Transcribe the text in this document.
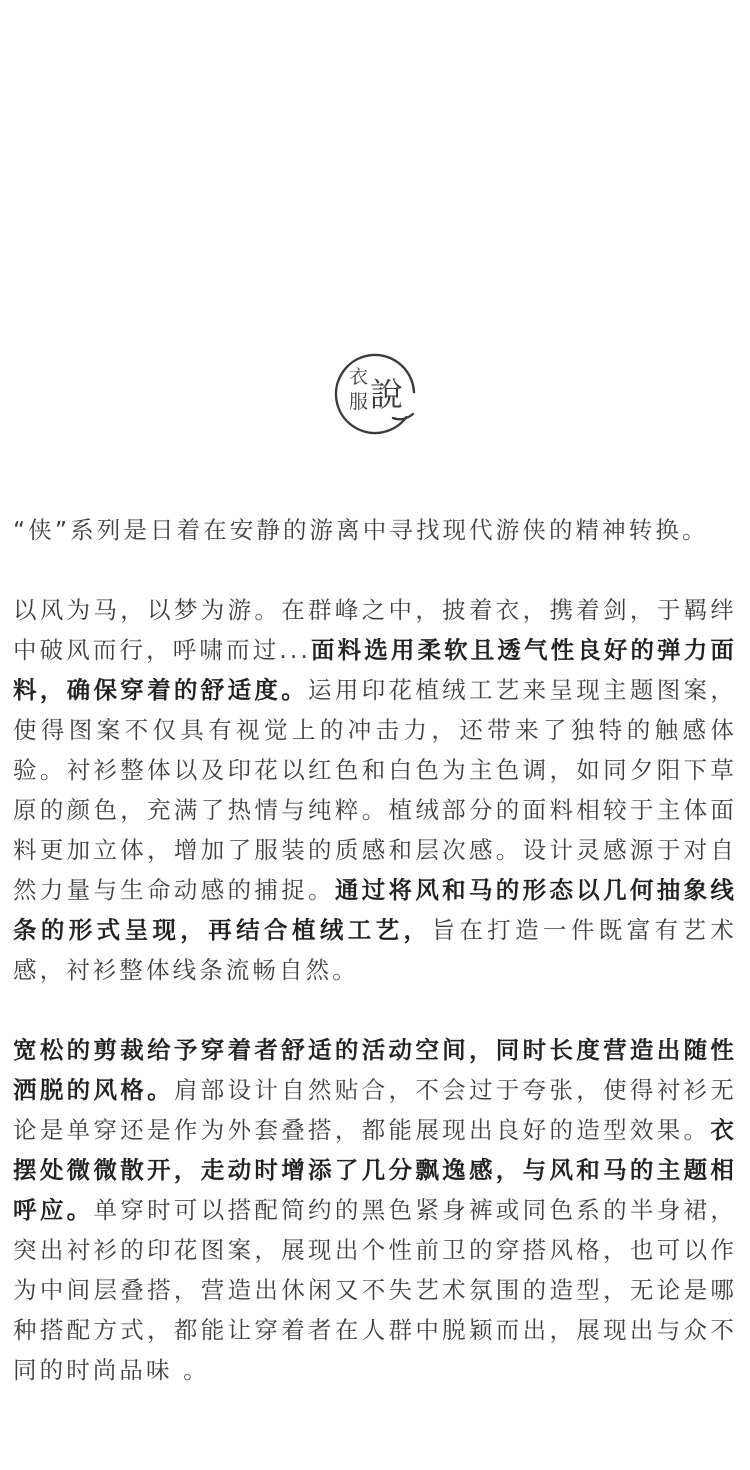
衣
服 說

“侠”系列是日着在安静的游离中寻找现代游侠的精神转换。

以风为马，以梦为游。在群峰之中，披着衣，携着剑，于羁绊中破风而行，呼啸而过...面料选用柔软且透气性良好的弹力面料，确保穿着的舒适度。运用印花植绒工艺来呈现主题图案，使得图案不仅具有视觉上的冲击力，还带来了独特的触感体验。衬衫整体以及印花以红色和白色为主色调，如同夕阳下草原的颜色，充满了热情与纯粹。植绒部分的面料相较于主体面料更加立体，增加了服装的质感和层次感。设计灵感源于对自然力量与生命动感的捕捉。通过将风和马的形态以几何抽象线条的形式呈现，再结合植绒工艺，旨在打造一件既富有艺术感，衬衫整体线条流畅自然。

宽松的剪裁给予穿着者舒适的活动空间，同时长度营造出随性洒脱的风格。肩部设计自然贴合，不会过于夸张，使得衬衫无论是单穿还是作为外套叠搭，都能展现出良好的造型效果。衣摆处微微散开，走动时增添了几分飘逸感，与风和马的主题相呼应。单穿时可以搭配简约的黑色紧身裤或同色系的半身裙，突出衬衫的印花图案，展现出个性前卫的穿搭风格，也可以作为中间层叠搭，营造出休闲又不失艺术氛围的造型，无论是哪种搭配方式，都能让穿着者在人群中脱颖而出，展现出与众不同的时尚品味 。
